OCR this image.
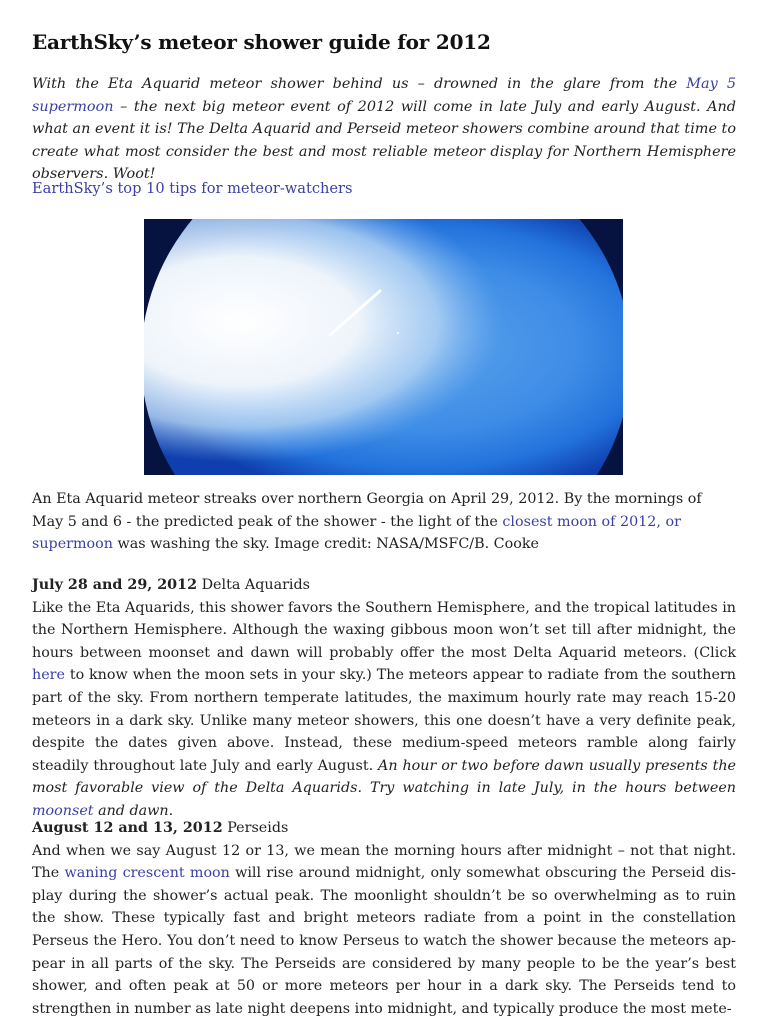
EarthSky’s meteor shower guide for 2012

With the Eta Aquarid meteor shower behind us – drowned in the glare from the May 5 supermoon – the next big meteor event of 2012 will come in late July and early August. And what an event it is! The Delta Aquarid and Perseid meteor showers combine around that time to create what most consider the best and most reliable meteor display for Northern Hemisphere observers. Woot!

EarthSky’s top 10 tips for meteor-watchers

An Eta Aquarid meteor streaks over northern Georgia on April 29, 2012. By the mornings of May 5 and 6 - the predicted peak of the shower - the light of the closest moon of 2012, or supermoon was washing the sky. Image credit: NASA/MSFC/B. Cooke

July 28 and 29, 2012 Delta Aquarids
Like the Eta Aquarids, this shower favors the Southern Hemisphere, and the tropical latitudes in the Northern Hemisphere. Although the waxing gibbous moon won’t set till after midnight, the hours between moonset and dawn will probably offer the most Delta Aquarid meteors. (Click here to know when the moon sets in your sky.) The meteors appear to radiate from the southern part of the sky. From northern temperate latitudes, the maximum hourly rate may reach 15-20 meteors in a dark sky. Unlike many meteor showers, this one doesn’t have a very definite peak, despite the dates given above. Instead, these medium-speed meteors ramble along fairly steadily throughout late July and early August. An hour or two before dawn usually presents the most favorable view of the Delta Aquarids. Try watching in late July, in the hours between moonset and dawn.
August 12 and 13, 2012 Perseids
And when we say August 12 or 13, we mean the morning hours after midnight – not that night. The waning crescent moon will rise around midnight, only somewhat obscuring the Perseid display during the shower’s actual peak. The moonlight shouldn’t be so overwhelming as to ruin the show. These typically fast and bright meteors radiate from a point in the constellation Perseus the Hero. You don’t need to know Perseus to watch the shower because the meteors appear in all parts of the sky. The Perseids are considered by many people to be the year’s best shower, and often peak at 50 or more meteors per hour in a dark sky. The Perseids tend to strengthen in number as late night deepens into midnight, and typically produce the most mete-
